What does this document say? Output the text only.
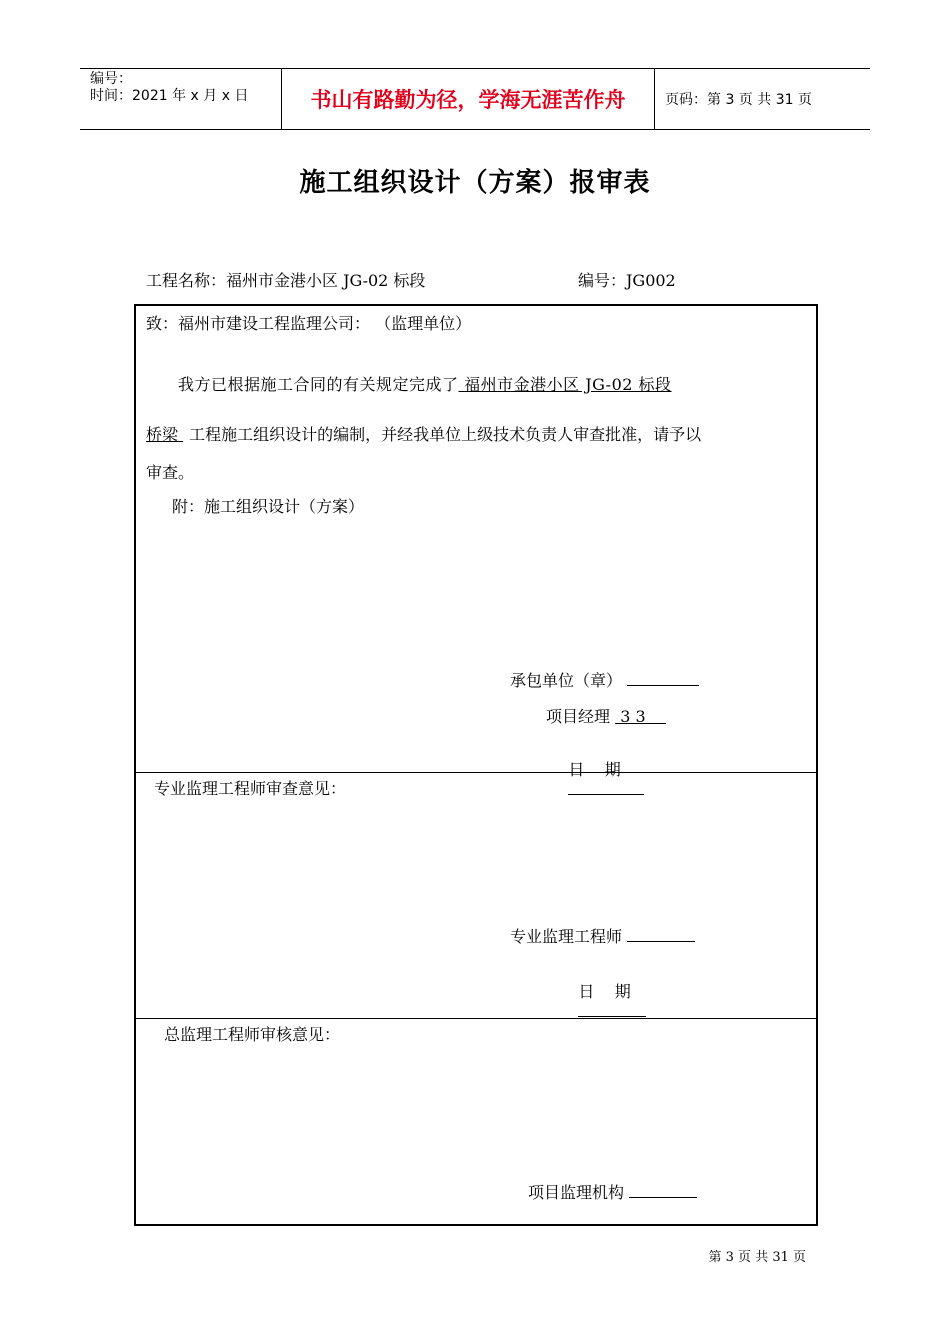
编号：
时间：2021 年 x 月 x 日	书山有路勤为径，学海无涯苦作舟	页码：第 3 页 共 31 页
施工组织设计（方案）报审表
工程名称：福州市金港小区 JG-02 标段	编号：JG002
致：福州市建设工程监理公司： （监理单位）
我方已根据施工合同的有关规定完成了 福州市金港小区 JG-02 标段
桥梁 工程施工组织设计的编制，并经我单位上级技术负责人审查批准，请予以
审查。
附：施工组织设计（方案）
承包单位（章）
项目经理  3 3

日    期

专业监理工程师审查意见：
专业监理工程师

日    期

总监理工程师审核意见：
项目监理机构
第 3 页 共 31 页
